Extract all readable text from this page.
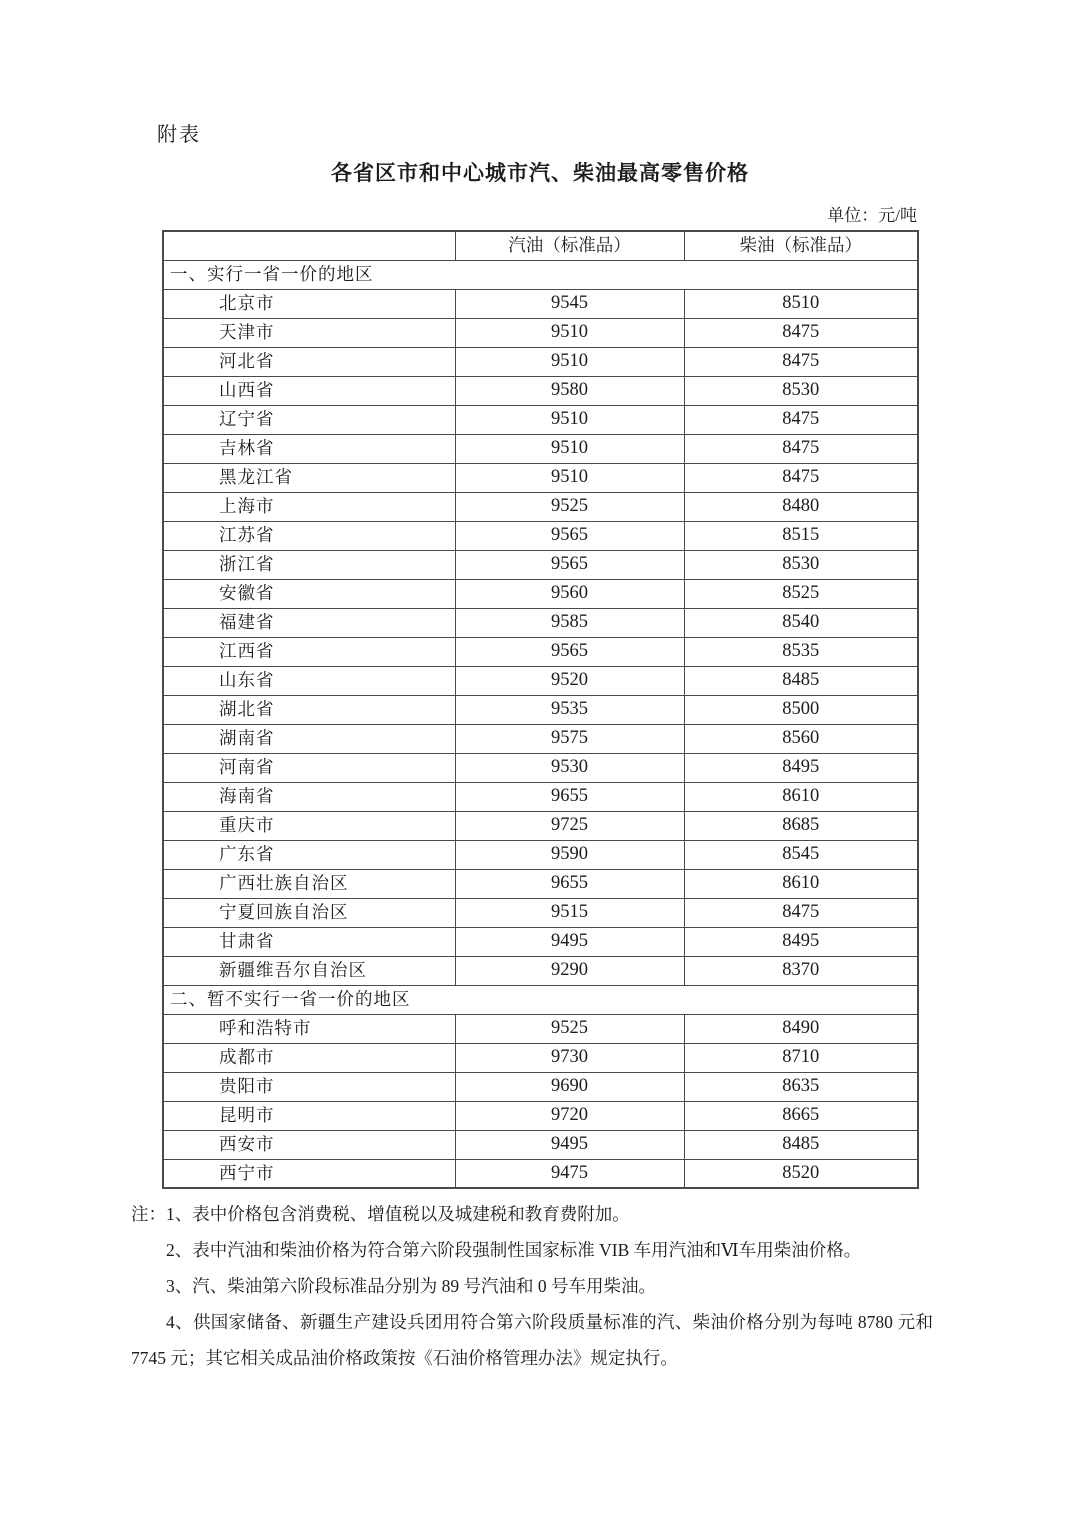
附表
各省区市和中心城市汽、柴油最高零售价格
单位：元/吨
	汽油（标准品）	柴油（标准品）
一、实行一省一价的地区		
北京市	9545	8510
天津市	9510	8475
河北省	9510	8475
山西省	9580	8530
辽宁省	9510	8475
吉林省	9510	8475
黑龙江省	9510	8475
上海市	9525	8480
江苏省	9565	8515
浙江省	9565	8530
安徽省	9560	8525
福建省	9585	8540
江西省	9565	8535
山东省	9520	8485
湖北省	9535	8500
湖南省	9575	8560
河南省	9530	8495
海南省	9655	8610
重庆市	9725	8685
广东省	9590	8545
广西壮族自治区	9655	8610
宁夏回族自治区	9515	8475
甘肃省	9495	8495
新疆维吾尔自治区	9290	8370
二、暂不实行一省一价的地区		
呼和浩特市	9525	8490
成都市	9730	8710
贵阳市	9690	8635
昆明市	9720	8665
西安市	9495	8485
西宁市	9475	8520

注：1、表中价格包含消费税、增值税以及城建税和教育费附加。

2、表中汽油和柴油价格为符合第六阶段强制性国家标准 VIB 车用汽油和Ⅵ车用柴油价格。

3、汽、柴油第六阶段标准品分别为 89 号汽油和 0 号车用柴油。

4、供国家储备、新疆生产建设兵团用符合第六阶段质量标准的汽、柴油价格分别为每吨 8780 元和 7745 元；其它相关成品油价格政策按《石油价格管理办法》规定执行。
